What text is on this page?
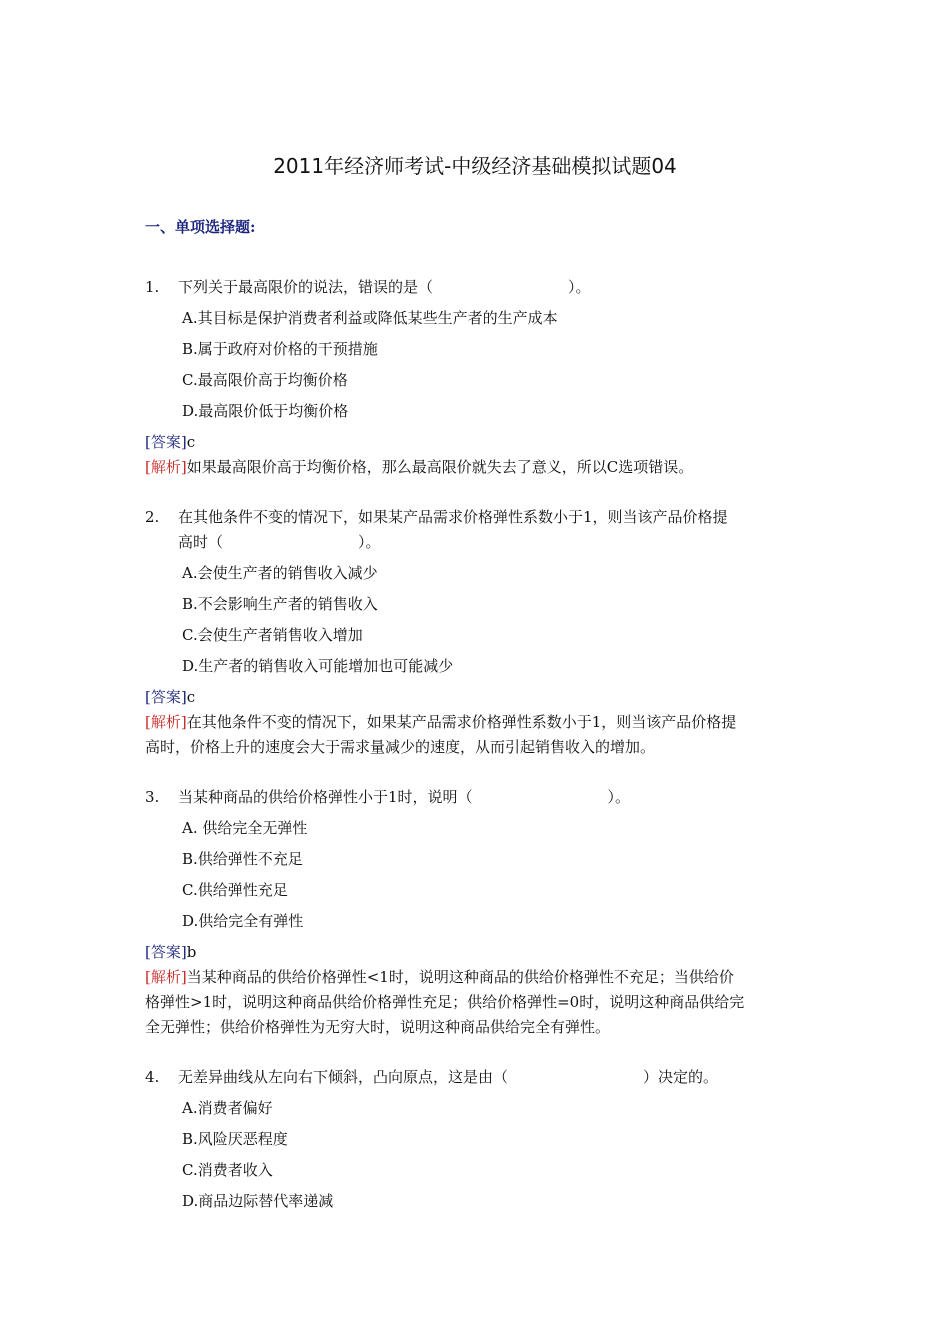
2011年经济师考试-中级经济基础模拟试题04
一、单项选择题:
1. 下列关于最高限价的说法，错误的是（　　　　　　　　　）。
A.其目标是保护消费者利益或降低某些生产者的生产成本
B.属于政府对价格的干预措施
C.最高限价高于均衡价格
D.最高限价低于均衡价格
[答案]c
[解析]如果最高限价高于均衡价格，那么最高限价就失去了意义，所以C选项错误。
2. 在其他条件不变的情况下，如果某产品需求价格弹性系数小于1，则当该产品价格提
高时（　　　　　　　　　）。
A.会使生产者的销售收入减少
B.不会影响生产者的销售收入
C.会使生产者销售收入增加
D.生产者的销售收入可能增加也可能减少
[答案]c
[解析]在其他条件不变的情况下，如果某产品需求价格弹性系数小于1，则当该产品价格提
高时，价格上升的速度会大于需求量减少的速度，从而引起销售收入的增加。
3. 当某种商品的供给价格弹性小于1时，说明（　　　　　　　　　）。
A. 供给完全无弹性
B.供给弹性不充足
C.供给弹性充足
D.供给完全有弹性
[答案]b
[解析]当某种商品的供给价格弹性<1时，说明这种商品的供给价格弹性不充足；当供给价
格弹性>1时，说明这种商品供给价格弹性充足；供给价格弹性=0时，说明这种商品供给完
全无弹性；供给价格弹性为无穷大时，说明这种商品供给完全有弹性。
4. 无差异曲线从左向右下倾斜，凸向原点，这是由（　　　　　　　　　）决定的。
A.消费者偏好
B.风险厌恶程度
C.消费者收入
D.商品边际替代率递减
